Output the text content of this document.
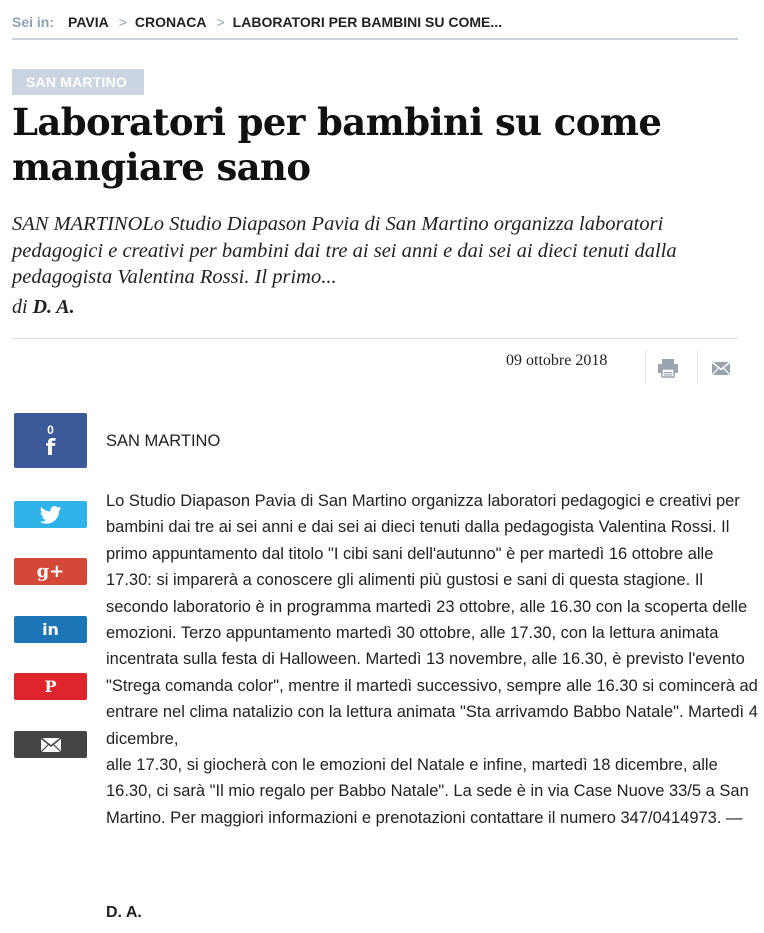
Sei in: PAVIA > CRONACA > LABORATORI PER BAMBINI SU COME...
SAN MARTINO
Laboratori per bambini su come mangiare sano

SAN MARTINOLo Studio Diapason Pavia di San Martino organizza laboratori pedagogici e creativi per bambini dai tre ai sei anni e dai sei ai dieci tenuti dalla pedagogista Valentina Rossi. Il primo...

di D. A.
09 ottobre 2018
0
f
g+
in
P
SAN MARTINO
Lo Studio Diapason Pavia di San Martino organizza laboratori pedagogici e creativi per bambini dai tre ai sei anni e dai sei ai dieci tenuti dalla pedagogista Valentina Rossi. Il primo appuntamento dal titolo "I cibi sani dell'autunno" è per martedì 16 ottobre alle 17.30: si imparerà a conoscere gli alimenti più gustosi e sani di questa stagione. Il secondo laboratorio è in programma martedì 23 ottobre, alle 16.30 con la scoperta delle emozioni. Terzo appuntamento martedì 30 ottobre, alle 17.30, con la lettura animata incentrata sulla festa di Halloween. Martedì 13 novembre, alle 16.30, è previsto l'evento "Strega comanda color", mentre il martedì successivo, sempre alle 16.30 si comincerà ad entrare nel clima natalizio con la lettura animata "Sta arrivamdo Babbo Natale". Martedì 4 dicembre,
alle 17.30, si giocherà con le emozioni del Natale e infine, martedì 18 dicembre, alle 16.30, ci sarà "Il mio regalo per Babbo Natale". La sede è in via Case Nuove 33/5 a San Martino. Per maggiori informazioni e prenotazioni contattare il numero 347/0414973. —
D. A.
